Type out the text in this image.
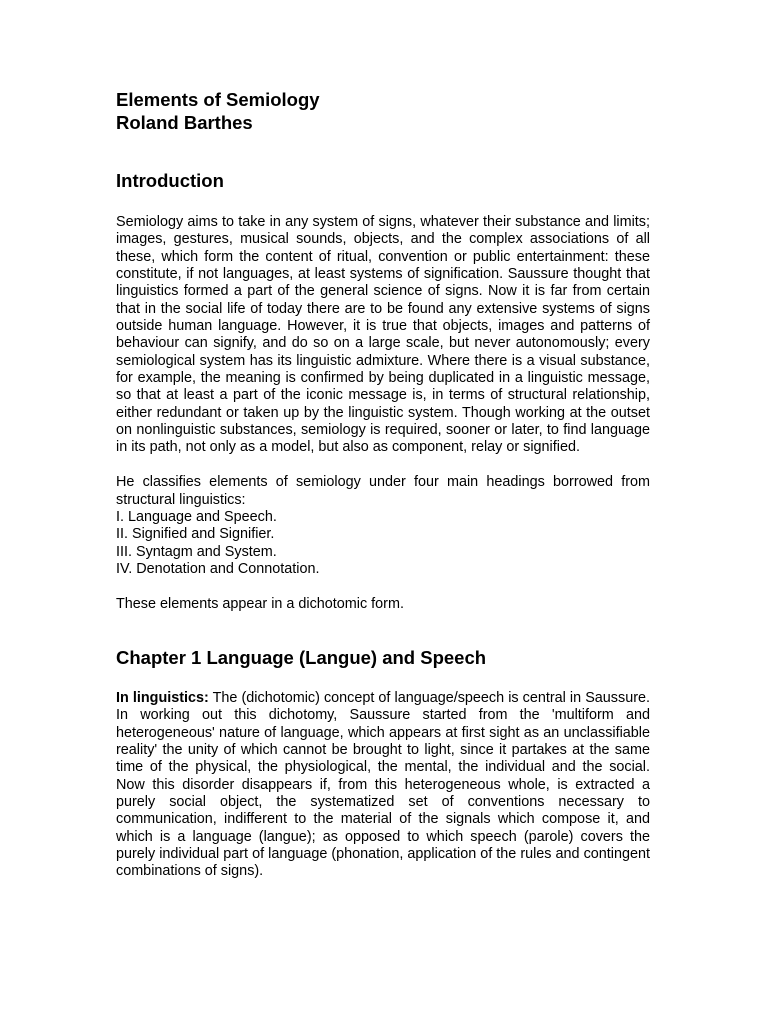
Elements of Semiology
Roland Barthes
Introduction

Semiology aims to take in any system of signs, whatever their substance and limits; images, gestures, musical sounds, objects, and the complex associations of all these, which form the content of ritual, convention or public entertainment: these constitute, if not languages, at least systems of signification. Saussure thought that linguistics formed a part of the general science of signs. Now it is far from certain that in the social life of today there are to be found any extensive systems of signs outside human language. However, it is true that objects, images and patterns of behaviour can signify, and do so on a large scale, but never autonomously; every semiological system has its linguistic admixture. Where there is a visual substance, for example, the meaning is confirmed by being duplicated in a linguistic message, so that at least a part of the iconic message is, in terms of structural relationship, either redundant or taken up by the linguistic system. Though working at the outset on nonlinguistic substances, semiology is required, sooner or later, to find language in its path, not only as a model, but also as component, relay or signified.

He classifies elements of semiology under four main headings borrowed from structural linguistics:

I. Language and Speech.
II. Signified and Signifier.
III. Syntagm and System.
IV. Denotation and Connotation.

These elements appear in a dichotomic form.

Chapter 1 Language (Langue) and Speech

In linguistics: The (dichotomic) concept of language/speech is central in Saussure. In working out this dichotomy, Saussure started from the 'multiform and heterogeneous' nature of language, which appears at first sight as an unclassifiable reality' the unity of which cannot be brought to light, since it partakes at the same time of the physical, the physiological, the mental, the individual and the social. Now this disorder disappears if, from this heterogeneous whole, is extracted a purely social object, the systematized set of conventions necessary to communication, indifferent to the material of the signals which compose it, and which is a language (langue); as opposed to which speech (parole) covers the purely individual part of language (phonation, application of the rules and contingent combinations of signs).
